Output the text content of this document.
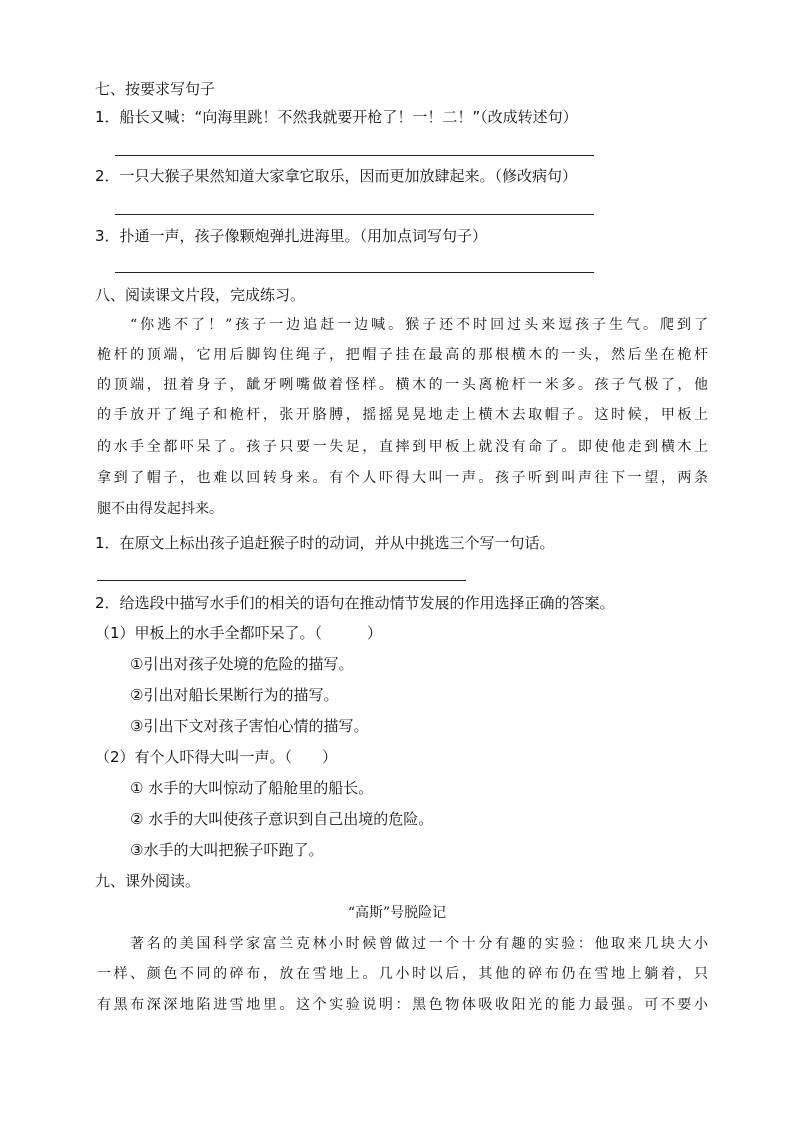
七、按要求写句子
1．船长又喊：“向海里跳！不然我就要开枪了！一！二！”（改成转述句）
2．一只大猴子果然知道大家拿它取乐，因而更加放肆起来。（修改病句）
3．扑通一声，孩子像颗炮弹扎进海里。（用加点词写句子）
八、阅读课文片段，完成练习。
“你逃不了！”孩子一边追赶一边喊。猴子还不时回过头来逗孩子生气。爬到了
桅杆的顶端，它用后脚钩住绳子，把帽子挂在最高的那根横木的一头，然后坐在桅杆
的顶端，扭着身子，龇牙咧嘴做着怪样。横木的一头离桅杆一米多。孩子气极了，他
的手放开了绳子和桅杆，张开胳膊，摇摇晃晃地走上横木去取帽子。这时候，甲板上
的水手全都吓呆了。孩子只要一失足，直摔到甲板上就没有命了。即使他走到横木上
拿到了帽子，也难以回转身来。有个人吓得大叫一声。孩子听到叫声往下一望，两条
腿不由得发起抖来。
1．在原文上标出孩子追赶猴子时的动词，并从中挑选三个写一句话。
2．给选段中描写水手们的相关的语句在推动情节发展的作用选择正确的答案。
（1）甲板上的水手全都吓呆了。（　　　）
①引出对孩子处境的危险的描写。
②引出对船长果断行为的描写。
③引出下文对孩子害怕心情的描写。
（2）有个人吓得大叫一声。（　　）
① 水手的大叫惊动了船舱里的船长。
② 水手的大叫使孩子意识到自己出境的危险。
③水手的大叫把猴子吓跑了。
九、课外阅读。
“高斯”号脱险记
著名的美国科学家富兰克林小时候曾做过一个十分有趣的实验：他取来几块大小
一样、颜色不同的碎布，放在雪地上。几小时以后，其他的碎布仍在雪地上躺着，只
有黑布深深地陷进雪地里。这个实验说明：黑色物体吸收阳光的能力最强。可不要小
